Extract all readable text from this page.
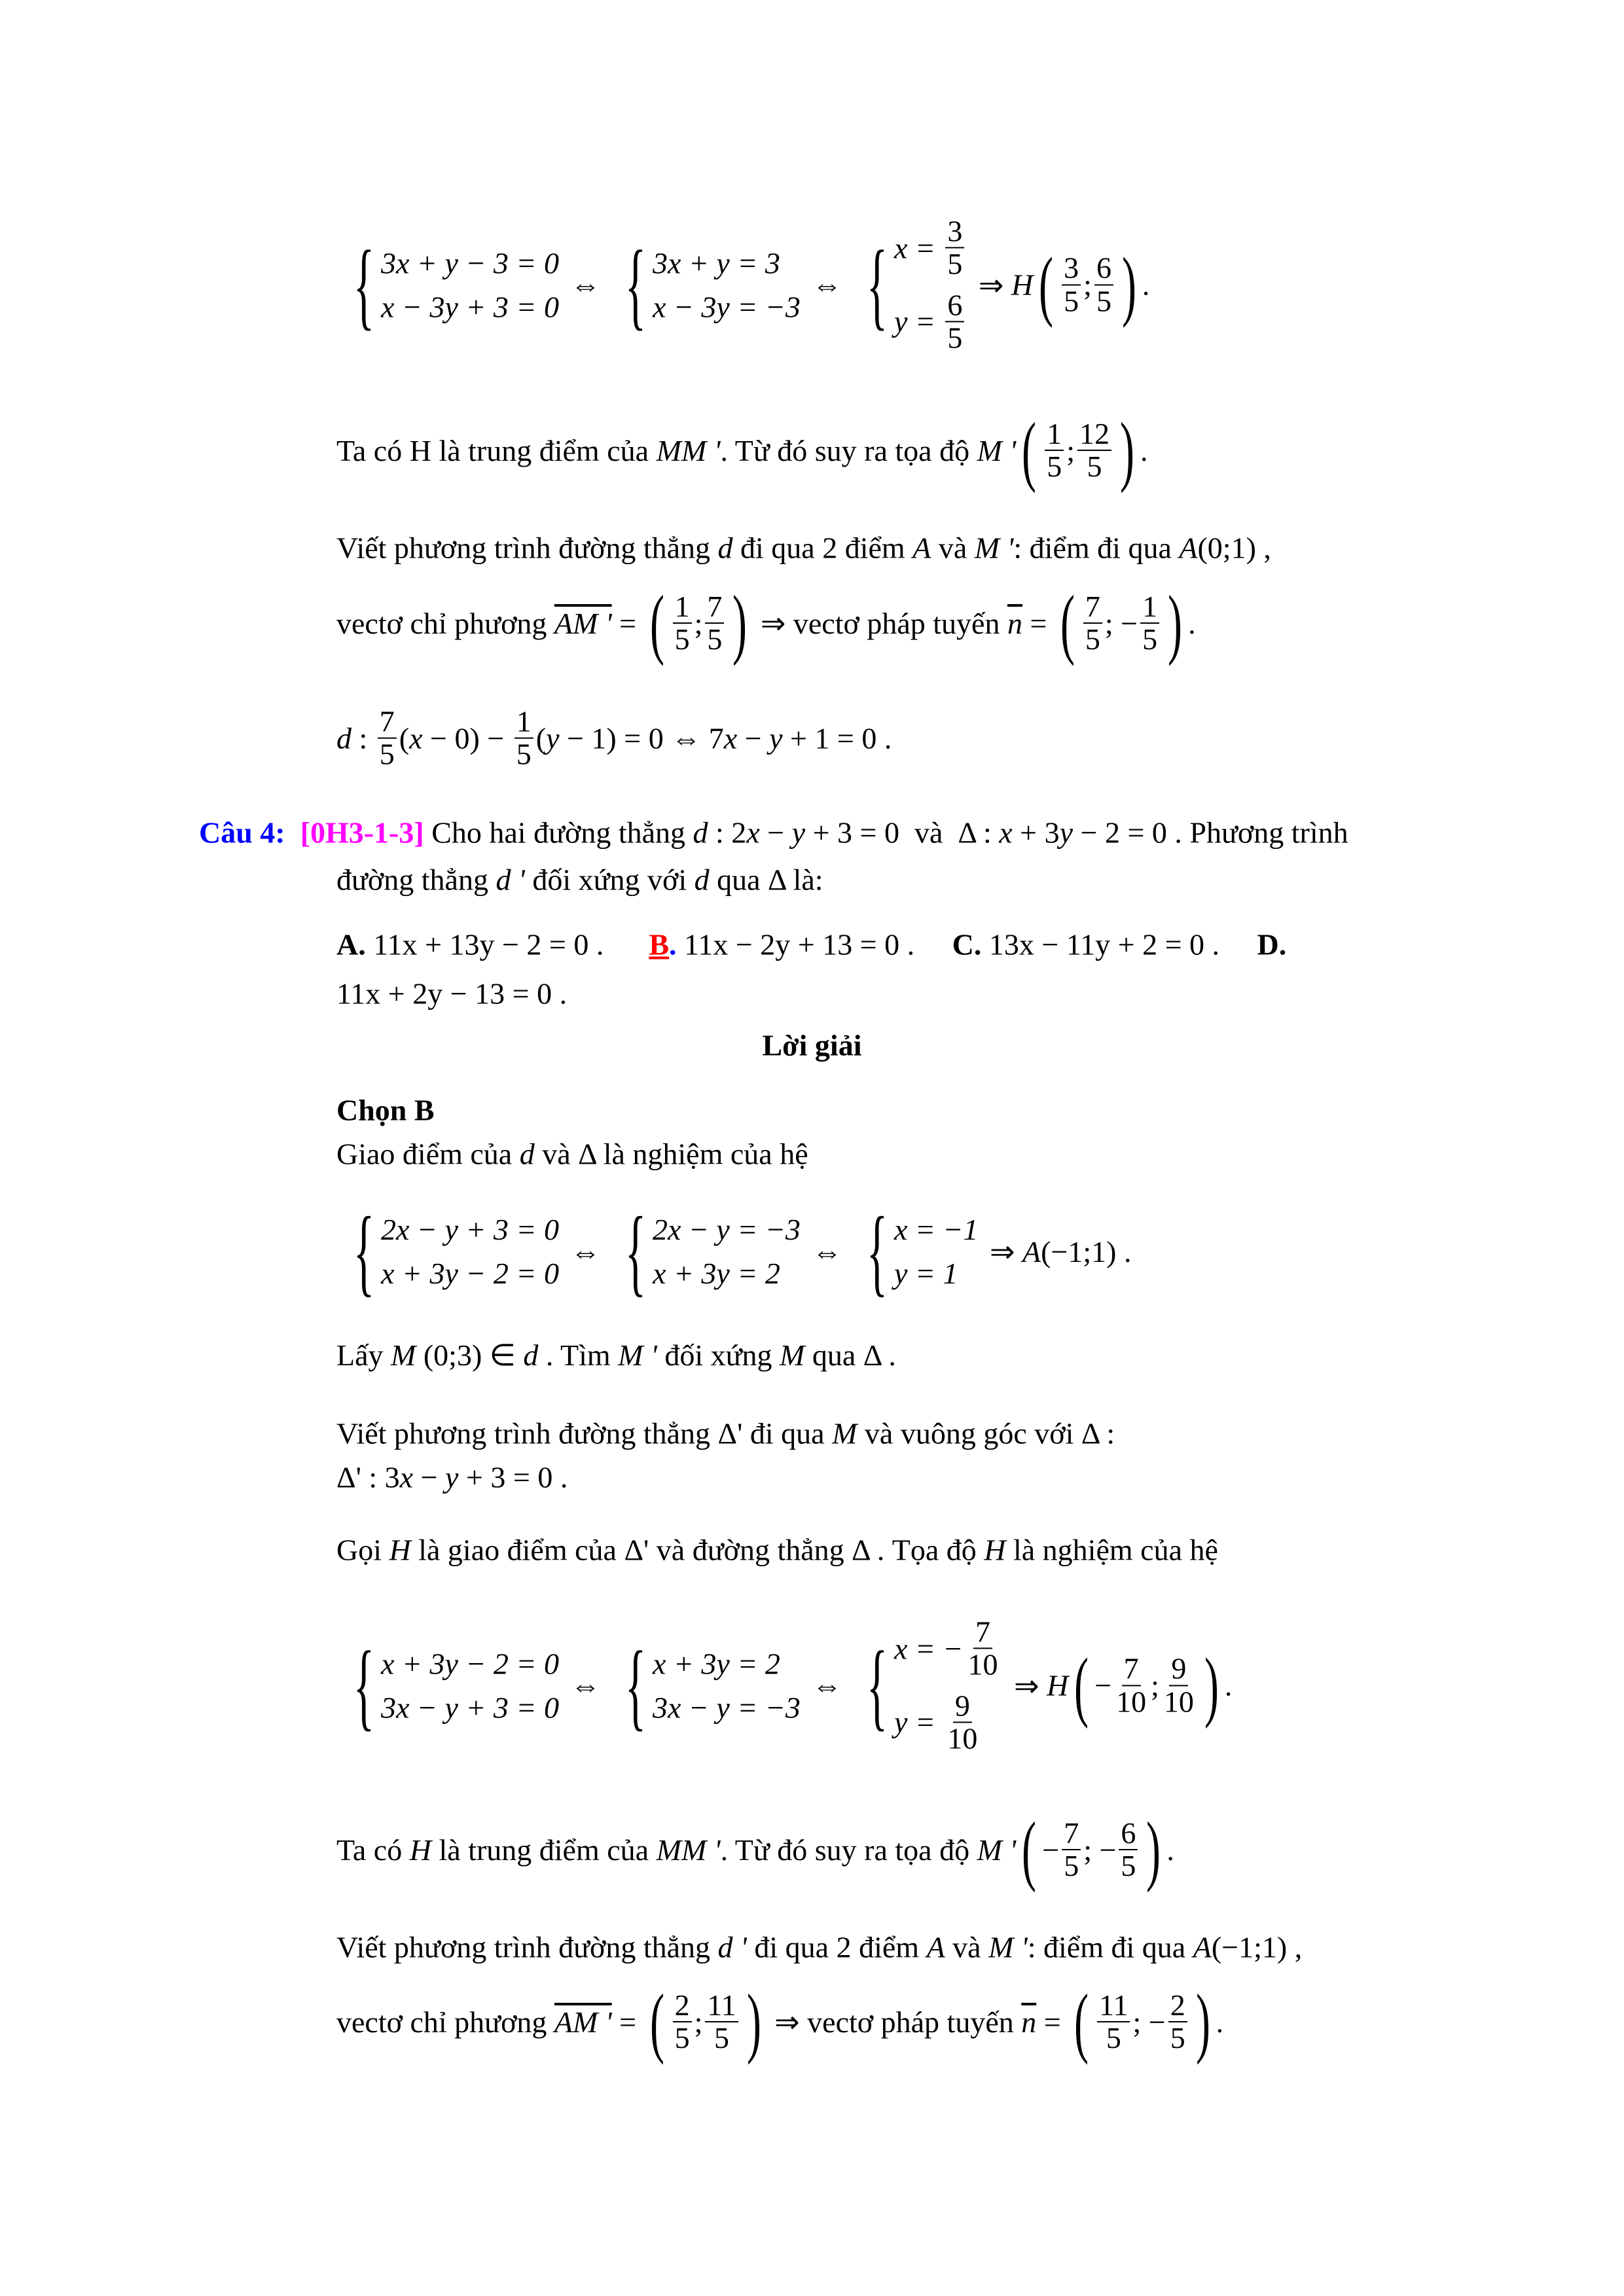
{ 3x + y − 3 = 0
x − 3y + 3 = 0
⇔ { 3x + y = 3
x − 3y = −3
⇔ { $x = \frac{3}{5}$
$y = \frac{6}{5}$
⇒ H ( $\frac{3}{5}$ ; $\frac{6}{5}$ ) .
Ta có H là trung điểm của MM ' . Từ đó suy ra tọa độ M ' ( $\frac{1}{5}$ ; $\frac{12}{5}$ ) .
Viết phương trình đường thẳng d đi qua 2 điểm A và M ' : điểm đi qua A (0;1) ,
vectơ chỉ phương AM ' = ( $\frac{1}{5}$ ; $\frac{7}{5}$ ) ⇒ vectơ pháp tuyến $\overline{n}$ = ( $\frac{7}{5}$ ; − $\frac{1}{5}$ ) .
d : $\frac{7}{5}$ ( $x - 0) - \frac{1}{5}$ ( y − 1) = 0 ⇔ 7 x − y + 1 = 0 .
Câu 4: [0H3-1-3] Cho hai đường thẳng d : 2 x − y + 3 = 0  và  Δ : x + 3 y − 2 = 0 . Phương trình
đường thẳng d ' đối xứng với d qua Δ là:
A. 11x + 13y − 2 = 0 . B . 11x − 2y + 13 = 0 . C. 13x − 11y + 2 = 0 . D.
11x + 2y − 13 = 0 .
Lời giải
Chọn B
Giao điểm của d và Δ là nghiệm của hệ
{ 2x − y + 3 = 0
x + 3y − 2 = 0
⇔ { 2x − y = −3
x + 3y = 2
⇔ { x = −1
y = 1
⇒ A (−1;1) .
Lấy M (0;3) ∈ d . Tìm M ' đối xứng M qua Δ .
Viết phương trình đường thẳng Δ' đi qua M và vuông góc với Δ :
Δ' : 3 x − y + 3 = 0 .
Gọi H là giao điểm của Δ' và đường thẳng Δ . Tọa độ H là nghiệm của hệ
{ x + 3y − 2 = 0
3x − y + 3 = 0
⇔ { x + 3y = 2
3x − y = −3
⇔ { x = − $\frac{7}{10}$
$y = \frac{9}{10}$
⇒ H ( − $\frac{7}{10}$ ; $\frac{9}{10}$ ) .
Ta có H là trung điểm của MM ' . Từ đó suy ra tọa độ M ' ( − $\frac{7}{5}$ ; − $\frac{6}{5}$ ) .
Viết phương trình đường thẳng d ' đi qua 2 điểm A và M ' : điểm đi qua A (−1;1) ,
vectơ chỉ phương AM ' = ( $\frac{2}{5}$ ; $\frac{11}{5}$ ) ⇒ vectơ pháp tuyến $\overline{n}$ = ( $\frac{11}{5}$ ; − $\frac{2}{5}$ ) .
